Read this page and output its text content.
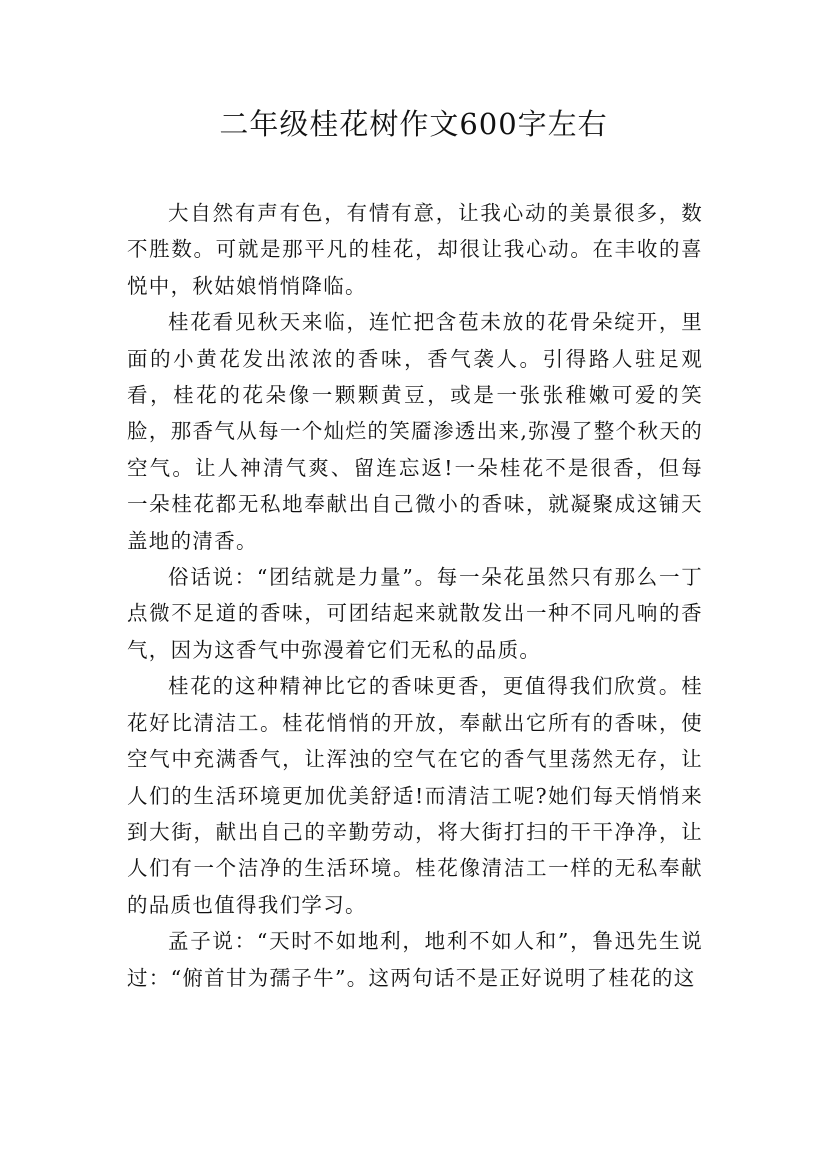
二年级桂花树作文600字左右

大自然有声有色，有情有意，让我心动的美景很多，数不胜数。可就是那平凡的桂花，却很让我心动。在丰收的喜悦中，秋姑娘悄悄降临。

桂花看见秋天来临，连忙把含苞未放的花骨朵绽开，里面的小黄花发出浓浓的香味，香气袭人。引得路人驻足观看，桂花的花朵像一颗颗黄豆，或是一张张稚嫩可爱的笑脸，那香气从每一个灿烂的笑靥渗透出来,弥漫了整个秋天的空气。让人神清气爽、留连忘返!一朵桂花不是很香，但每一朵桂花都无私地奉献出自己微小的香味，就凝聚成这铺天盖地的清香。

俗话说：“团结就是力量”。每一朵花虽然只有那么一丁点微不足道的香味，可团结起来就散发出一种不同凡响的香气，因为这香气中弥漫着它们无私的品质。

桂花的这种精神比它的香味更香，更值得我们欣赏。桂花好比清洁工。桂花悄悄的开放，奉献出它所有的香味，使空气中充满香气，让浑浊的空气在它的香气里荡然无存，让人们的生活环境更加优美舒适!而清洁工呢?她们每天悄悄来到大街，献出自己的辛勤劳动，将大街打扫的干干净净，让人们有一个洁净的生活环境。桂花像清洁工一样的无私奉献的品质也值得我们学习。

孟子说：“天时不如地利，地利不如人和”，鲁迅先生说过：“俯首甘为孺子牛”。这两句话不是正好说明了桂花的这
